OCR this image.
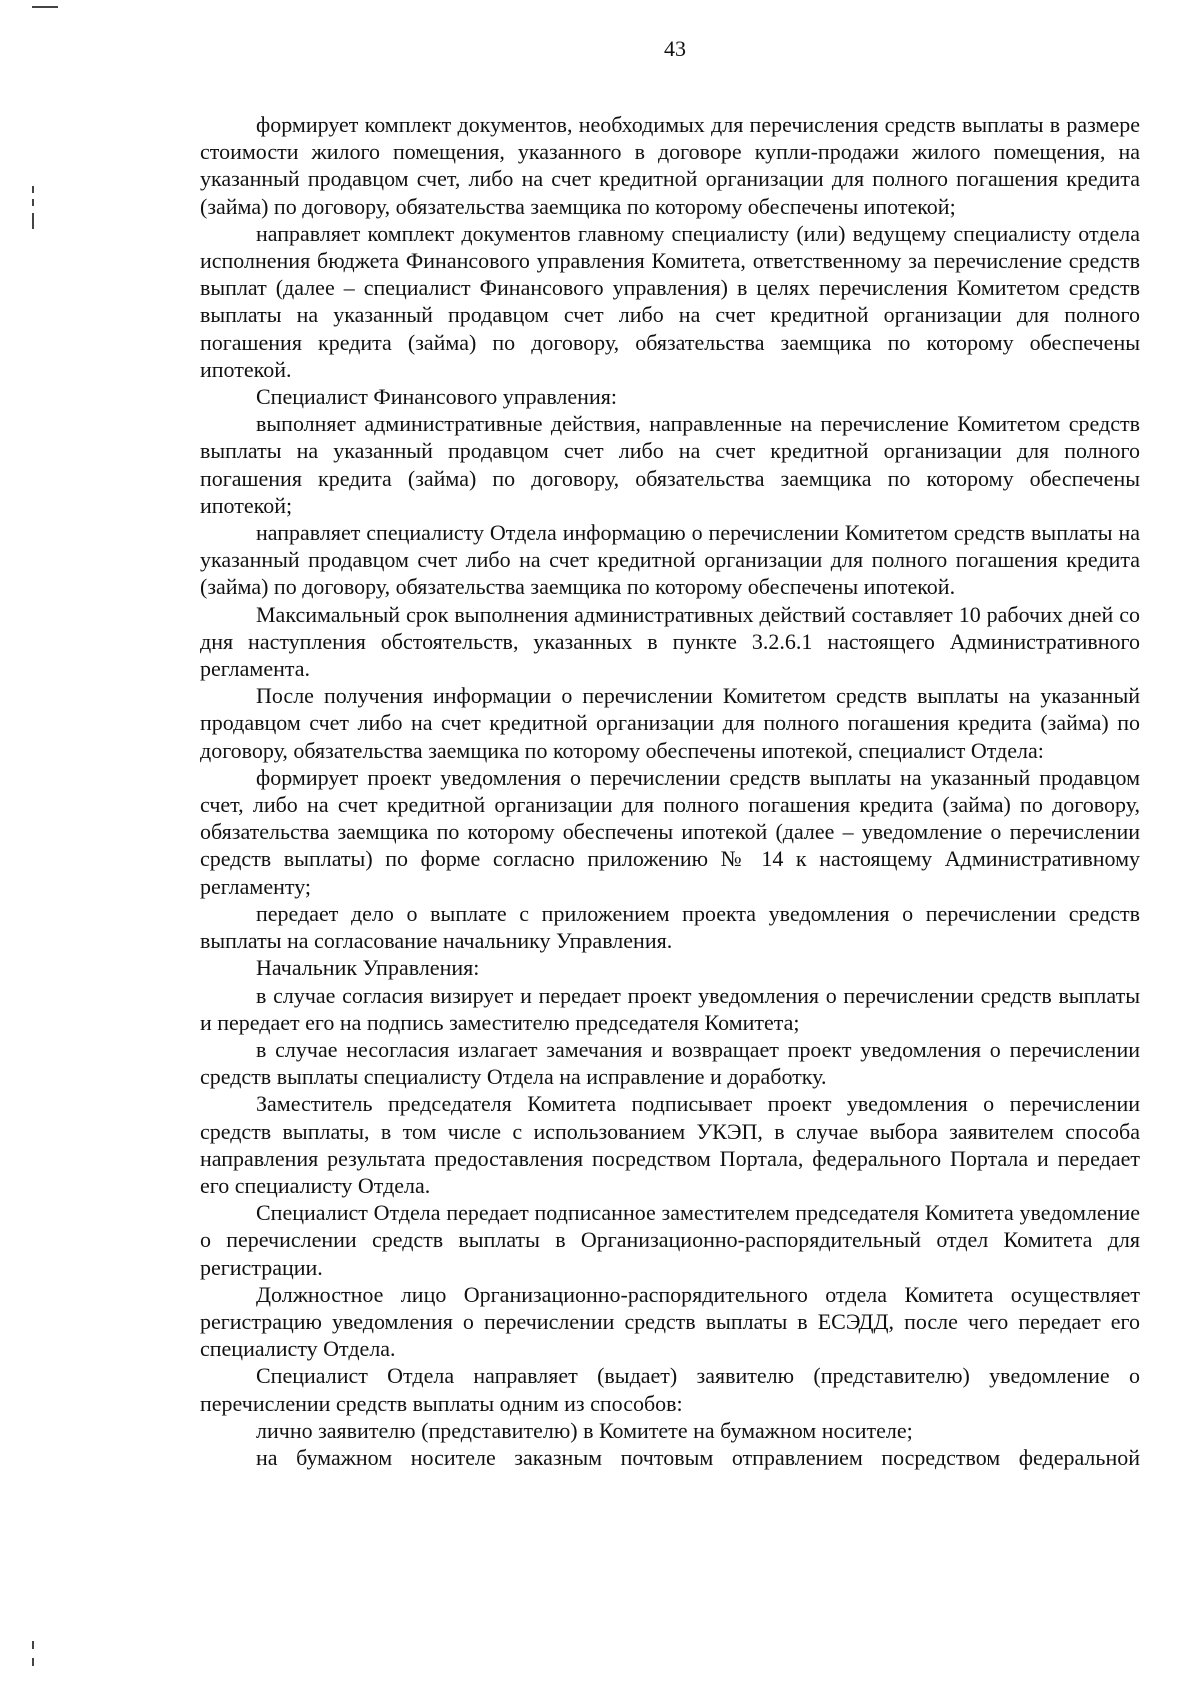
43

формирует комплект документов, необходимых для перечисления средств выплаты в размере стоимости жилого помещения, указанного в договоре купли-продажи жилого помещения, на указанный продавцом счет, либо на счет кредитной организации для полного погашения кредита (займа) по договору, обязательства заемщика по которому обеспечены ипотекой;

направляет комплект документов главному специалисту (или) ведущему специалисту отдела исполнения бюджета Финансового управления Комитета, ответственному за перечисление средств выплат (далее – специалист Финансового управления) в целях перечисления Комитетом средств выплаты на указанный продавцом счет либо на счет кредитной организации для полного погашения кредита (займа) по договору, обязательства заемщика по которому обеспечены ипотекой.

Специалист Финансового управления:

выполняет административные действия, направленные на перечисление Комитетом средств выплаты на указанный продавцом счет либо на счет кредитной организации для полного погашения кредита (займа) по договору, обязательства заемщика по которому обеспечены ипотекой;

направляет специалисту Отдела информацию о перечислении Комитетом средств выплаты на указанный продавцом счет либо на счет кредитной организации для полного погашения кредита (займа) по договору, обязательства заемщика по которому обеспечены ипотекой.

Максимальный срок выполнения административных действий составляет 10 рабочих дней со дня наступления обстоятельств, указанных в пункте 3.2.6.1 настоящего Административного регламента.

После получения информации о перечислении Комитетом средств выплаты на указанный продавцом счет либо на счет кредитной организации для полного погашения кредита (займа) по договору, обязательства заемщика по которому обеспечены ипотекой, специалист Отдела:

формирует проект уведомления о перечислении средств выплаты на указанный продавцом счет, либо на счет кредитной организации для полного погашения кредита (займа) по договору, обязательства заемщика по которому обеспечены ипотекой (далее – уведомление о перечислении средств выплаты) по форме согласно приложению № 14 к настоящему Административному регламенту;

передает дело о выплате с приложением проекта уведомления о перечислении средств выплаты на согласование начальнику Управления.

Начальник Управления:

в случае согласия визирует и передает проект уведомления о перечислении средств выплаты и передает его на подпись заместителю председателя Комитета;

в случае несогласия излагает замечания и возвращает проект уведомления о перечислении средств выплаты специалисту Отдела на исправление и доработку.

Заместитель председателя Комитета подписывает проект уведомления о перечислении средств выплаты, в том числе с использованием УКЭП, в случае выбора заявителем способа направления результата предоставления посредством Портала, федерального Портала и передает его специалисту Отдела.

Специалист Отдела передает подписанное заместителем председателя Комитета уведомление о перечислении средств выплаты в Организационно-распорядительный отдел Комитета для регистрации.

Должностное лицо Организационно-распорядительного отдела Комитета осуществляет регистрацию уведомления о перечислении средств выплаты в ЕСЭДД, после чего передает его специалисту Отдела.

Специалист Отдела направляет (выдает) заявителю (представителю) уведомление о перечислении средств выплаты одним из способов:

лично заявителю (представителю) в Комитете на бумажном носителе;

на бумажном носителе заказным почтовым отправлением посредством федеральной
